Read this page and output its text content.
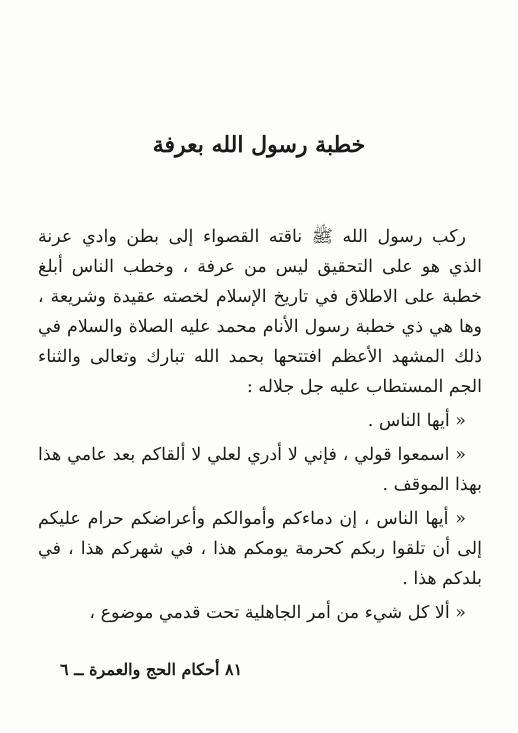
خطبة رسول الله بعرفة

ركب رسول الله ﷺ ناقته القصواء إلى بطن وادي عرنة الذي هو على التحقيق ليس من عرفة ، وخطب الناس أبلغ خطبة على الاطلاق في تاريخ الإسلام لخصته عقيدة وشريعة ، وها هي ذي خطبة رسول الأنام محمد عليه الصلاة والسلام في ذلك المشهد الأعظم افتتحها بحمد الله تبارك وتعالى والثناء الجم المستطاب عليه جل جلاله :

« أيها الناس .

« اسمعوا قولي ، فإني لا أدري لعلي لا ألقاكم بعد عامي هذا بهذا الموقف .

« أيها الناس ، إن دماءكم وأموالكم وأعراضكم حرام عليكم إلى أن تلقوا ربكم كحرمة يومكم هذا ، في شهركم هذا ، في بلدكم هذا .

« ألا كل شيء من أمر الجاهلية تحت قدمي موضوع ،

٨١ أحكام الحج والعمرة ــ ٦
